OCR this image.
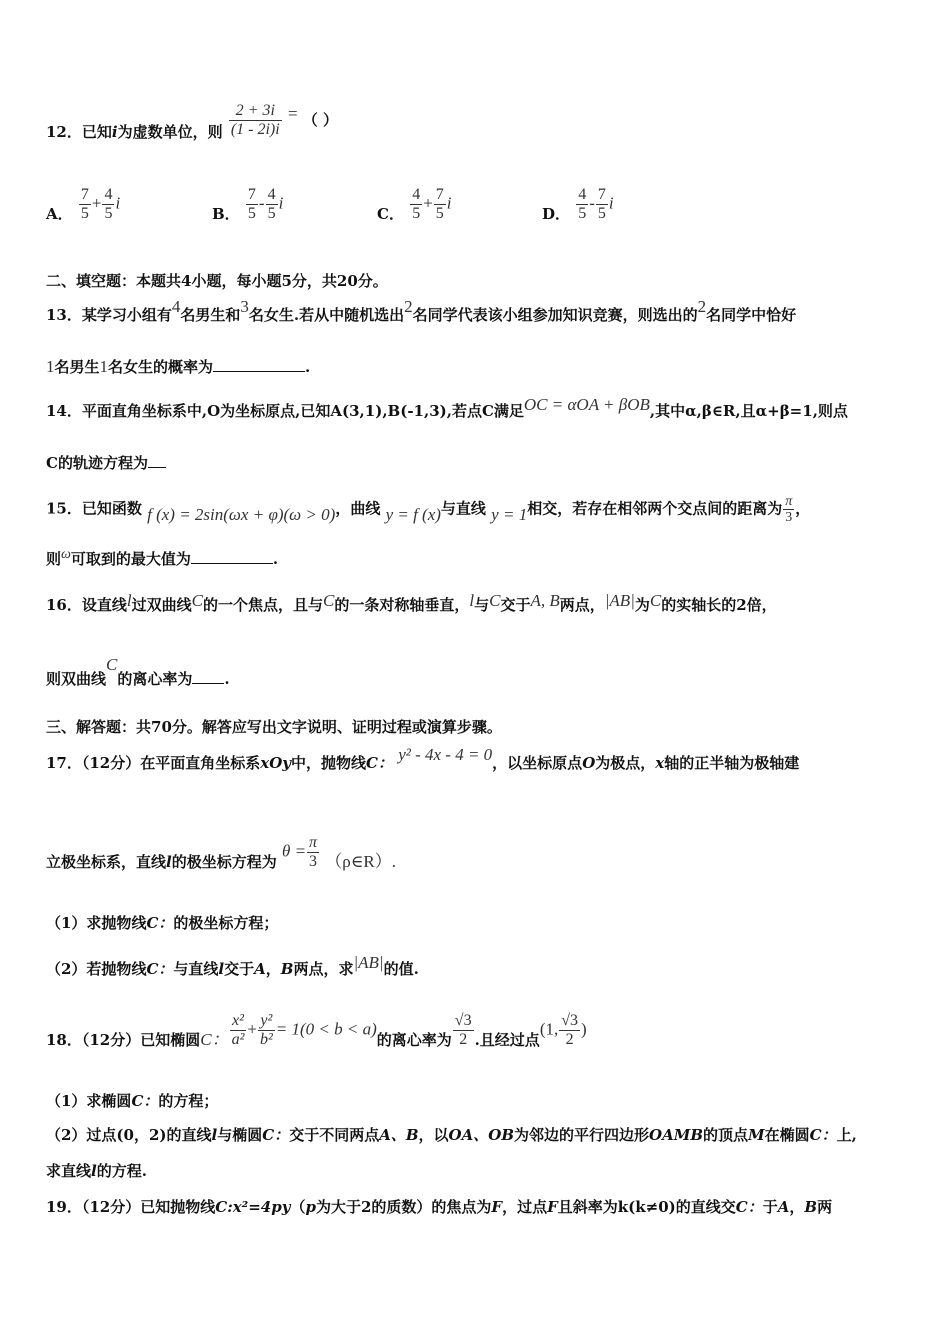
12．已知i为虚数单位，则 $\frac{2 + 3i}{(1 - 2i)i}$ = （ ）
A． $\frac{7}{5} + \frac{4}{5}$ i
B． $\frac{7}{5} - \frac{4}{5}$ i
C． $\frac{4}{5} + \frac{7}{5}$ i
D． $\frac{4}{5} - \frac{7}{5}$ i
二、填空题：本题共4小题，每小题5分，共20分。
13．某学习小组有4名男生和3名女生.若从中随机选出2名同学代表该小组参加知识竞赛，则选出的2名同学中恰好
1名男生1名女生的概率为	.
14．平面直角坐标系中,O为坐标原点,已知A(3,1),B(-1,3),若点C满足OC = αOA + βOB,其中α,β∈R,且α+β=1,则点
C的轨迹方程为
15．已知函数 f (x) = 2sin(ωx + φ)(ω > 0)，曲线 y = f (x)与直线 y = 1相交，若存在相邻两个交点间的距离为 $\frac{\pi}{3}$ ，
则ω可取到的最大值为	.
16．设直线l过双曲线C的一个焦点，且与C的一条对称轴垂直，l与C交于A, B两点，|AB|为C的实轴长的2倍，
则双曲线C的离心率为 .
三、解答题：共70分。解答应写出文字说明、证明过程或演算步骤。
17．（12分）在平面直角坐标系xOy中，抛物线C： y² - 4x - 4 = 0，以坐标原点O为极点，x轴的正半轴为极轴建
立极坐标系，直线l的极坐标方程为 $\theta = \frac{\pi}{3}$ （ρ∈R）.
（1）求抛物线C：的极坐标方程；
（2）若抛物线C：与直线l交于A，B两点，求|AB|的值.
18．（12分）已知椭圆C： $\frac{\text{x²}}{\text{a²}} + \frac{\text{y²}}{\text{b²}} = 1(0 < b < a)$的离心率为 $\frac{√3}{2}$ .且经过点(1, $\frac{√3}{2}$ )
（1）求椭圆C：的方程；
（2）过点(0，2)的直线l与椭圆C：交于不同两点A、B，以OA、OB为邻边的平行四边形OAMB的顶点M在椭圆C：上,
求直线l的方程.
19．（12分）已知抛物线C:x²=4py（p为大于2的质数）的焦点为F，过点F且斜率为k(k≠0)的直线交C：于A，B两
